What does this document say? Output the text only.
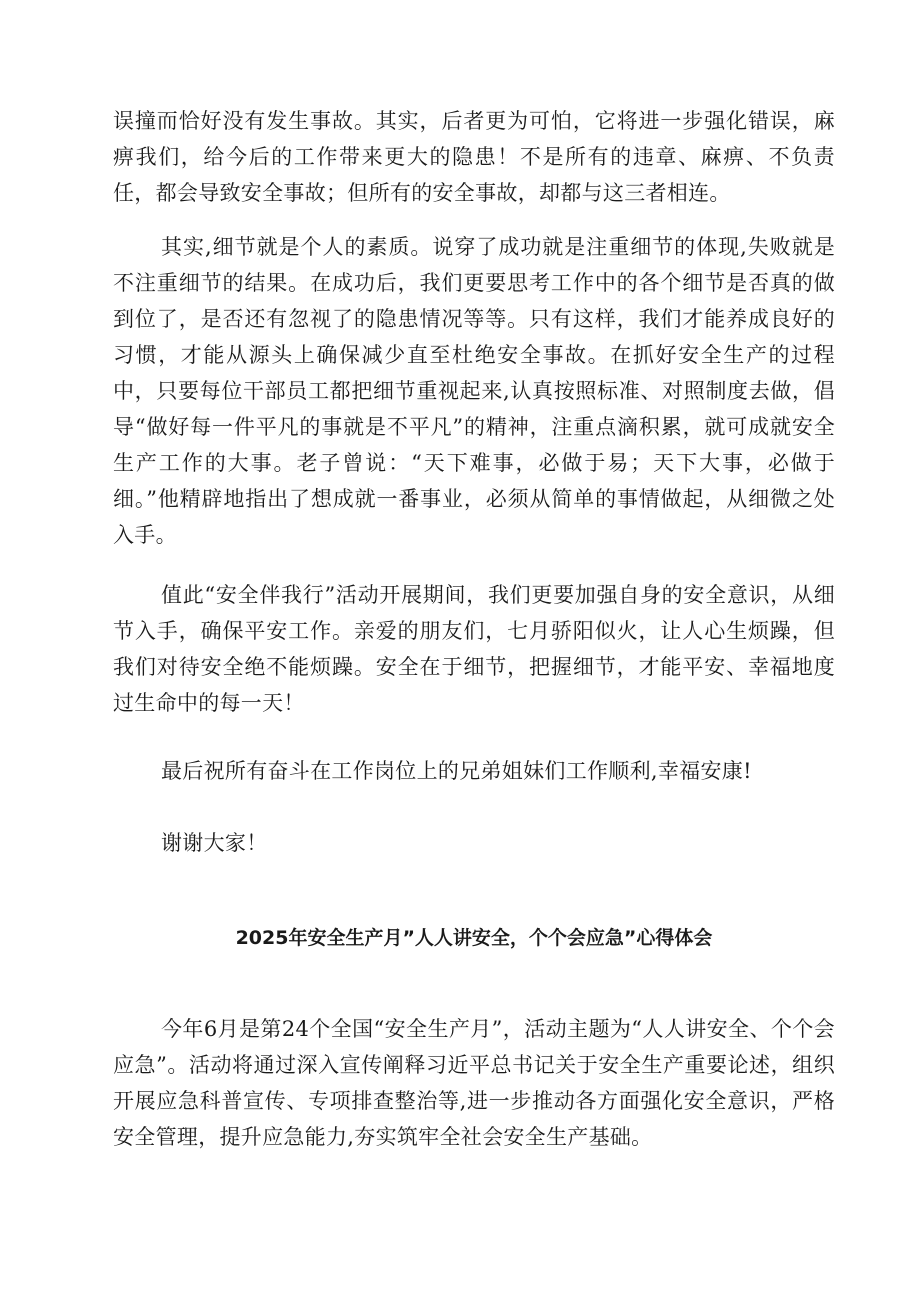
误撞而恰好没有发生事故。其实，后者更为可怕，它将进一步强化错误，麻痹我们，给今后的工作带来更大的隐患！不是所有的违章、麻痹、不负责任，都会导致安全事故；但所有的安全事故，却都与这三者相连。

其实,细节就是个人的素质。说穿了成功就是注重细节的体现,失败就是不注重细节的结果。在成功后，我们更要思考工作中的各个细节是否真的做到位了，是否还有忽视了的隐患情况等等。只有这样，我们才能养成良好的习惯，才能从源头上确保减少直至杜绝安全事故。在抓好安全生产的过程中，只要每位干部员工都把细节重视起来,认真按照标准、对照制度去做，倡导“做好每一件平凡的事就是不平凡”的精神，注重点滴积累，就可成就安全生产工作的大事。老子曾说：“天下难事，必做于易；天下大事，必做于细。”他精辟地指出了想成就一番事业，必须从简单的事情做起，从细微之处入手。

值此“安全伴我行”活动开展期间，我们更要加强自身的安全意识，从细节入手，确保平安工作。亲爱的朋友们，七月骄阳似火，让人心生烦躁，但我们对待安全绝不能烦躁。安全在于细节，把握细节，才能平安、幸福地度过生命中的每一天！

最后祝所有奋斗在工作岗位上的兄弟姐妹们工作顺利,幸福安康!

谢谢大家！

2025年安全生产月”人人讲安全，个个会应急”心得体会

今年6月是第24个全国“安全生产月”，活动主题为“人人讲安全、个个会应急”。活动将通过深入宣传阐释习近平总书记关于安全生产重要论述，组织开展应急科普宣传、专项排查整治等,进一步推动各方面强化安全意识，严格安全管理，提升应急能力,夯实筑牢全社会安全生产基础。
